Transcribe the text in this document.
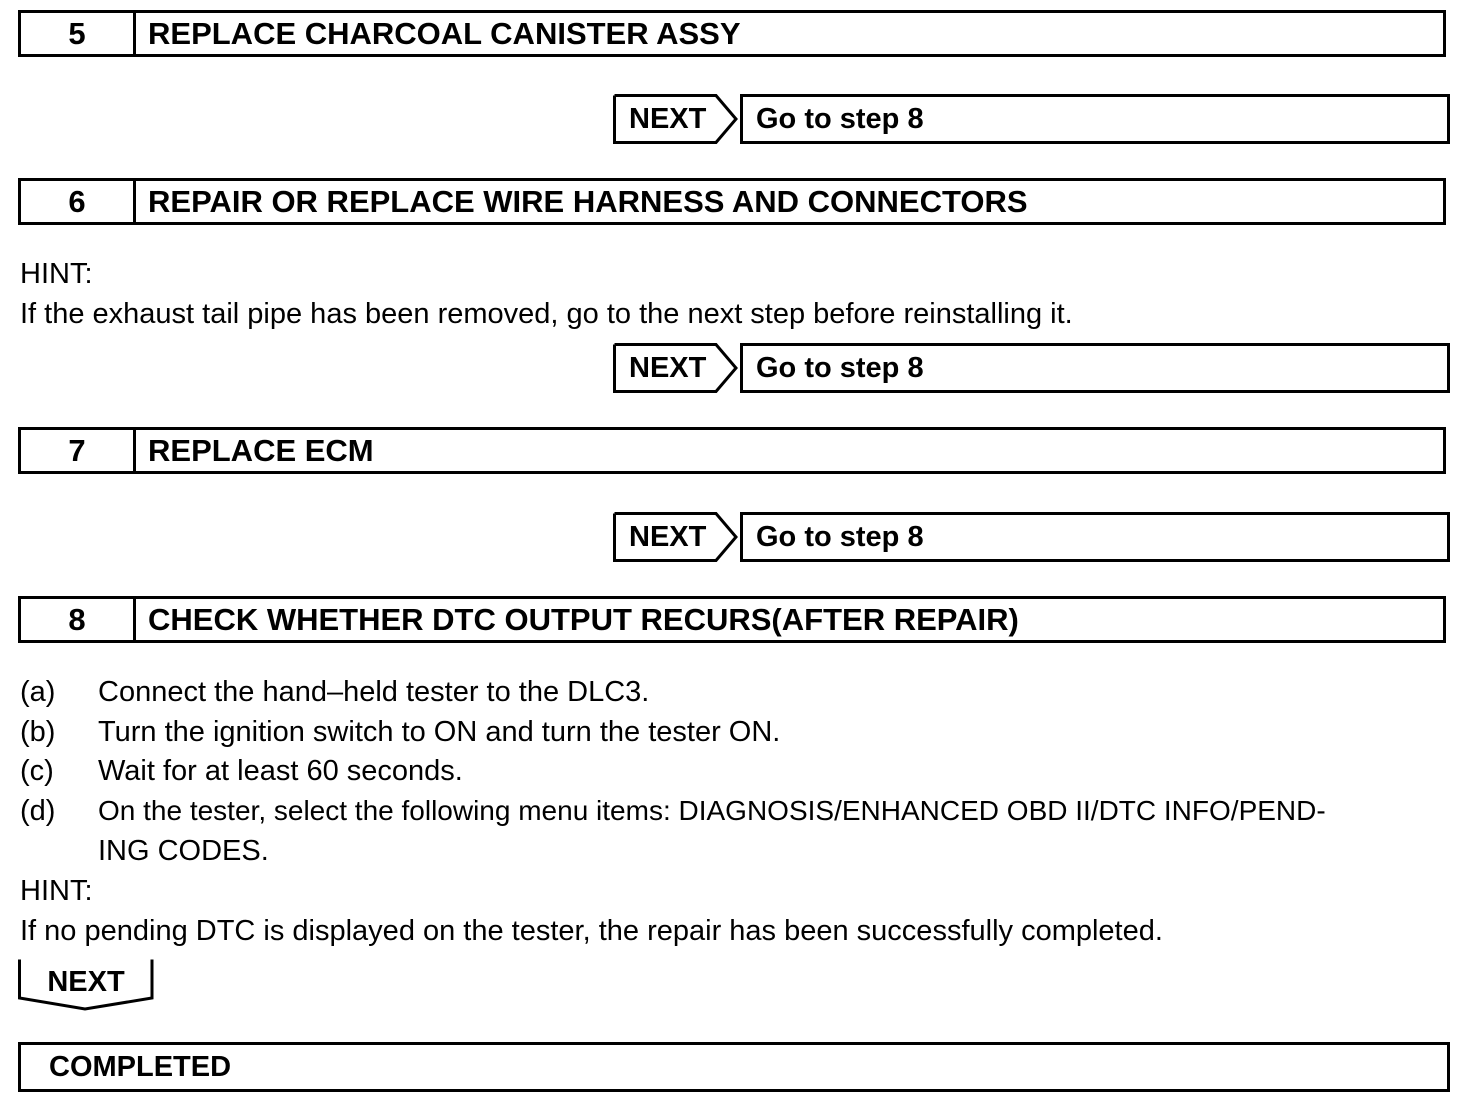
5	REPLACE CHARCOAL CANISTER ASSY
NEXT	Go to step 8
6	REPAIR OR REPLACE WIRE HARNESS AND CONNECTORS
HINT:
If the exhaust tail pipe has been removed, go to the next step before reinstalling it.
NEXT	Go to step 8
7	REPLACE ECM
NEXT	Go to step 8
8	CHECK WHETHER DTC OUTPUT RECURS(AFTER REPAIR)
(a) Connect the hand–held tester to the DLC3.
(b) Turn the ignition switch to ON and turn the tester ON.
(c) Wait for at least 60 seconds.
(d) On the tester, select the following menu items: DIAGNOSIS/ENHANCED OBD II/DTC INFO/PEND-
ING CODES.
HINT:
If no pending DTC is displayed on the tester, the repair has been successfully completed.
NEXT
COMPLETED
